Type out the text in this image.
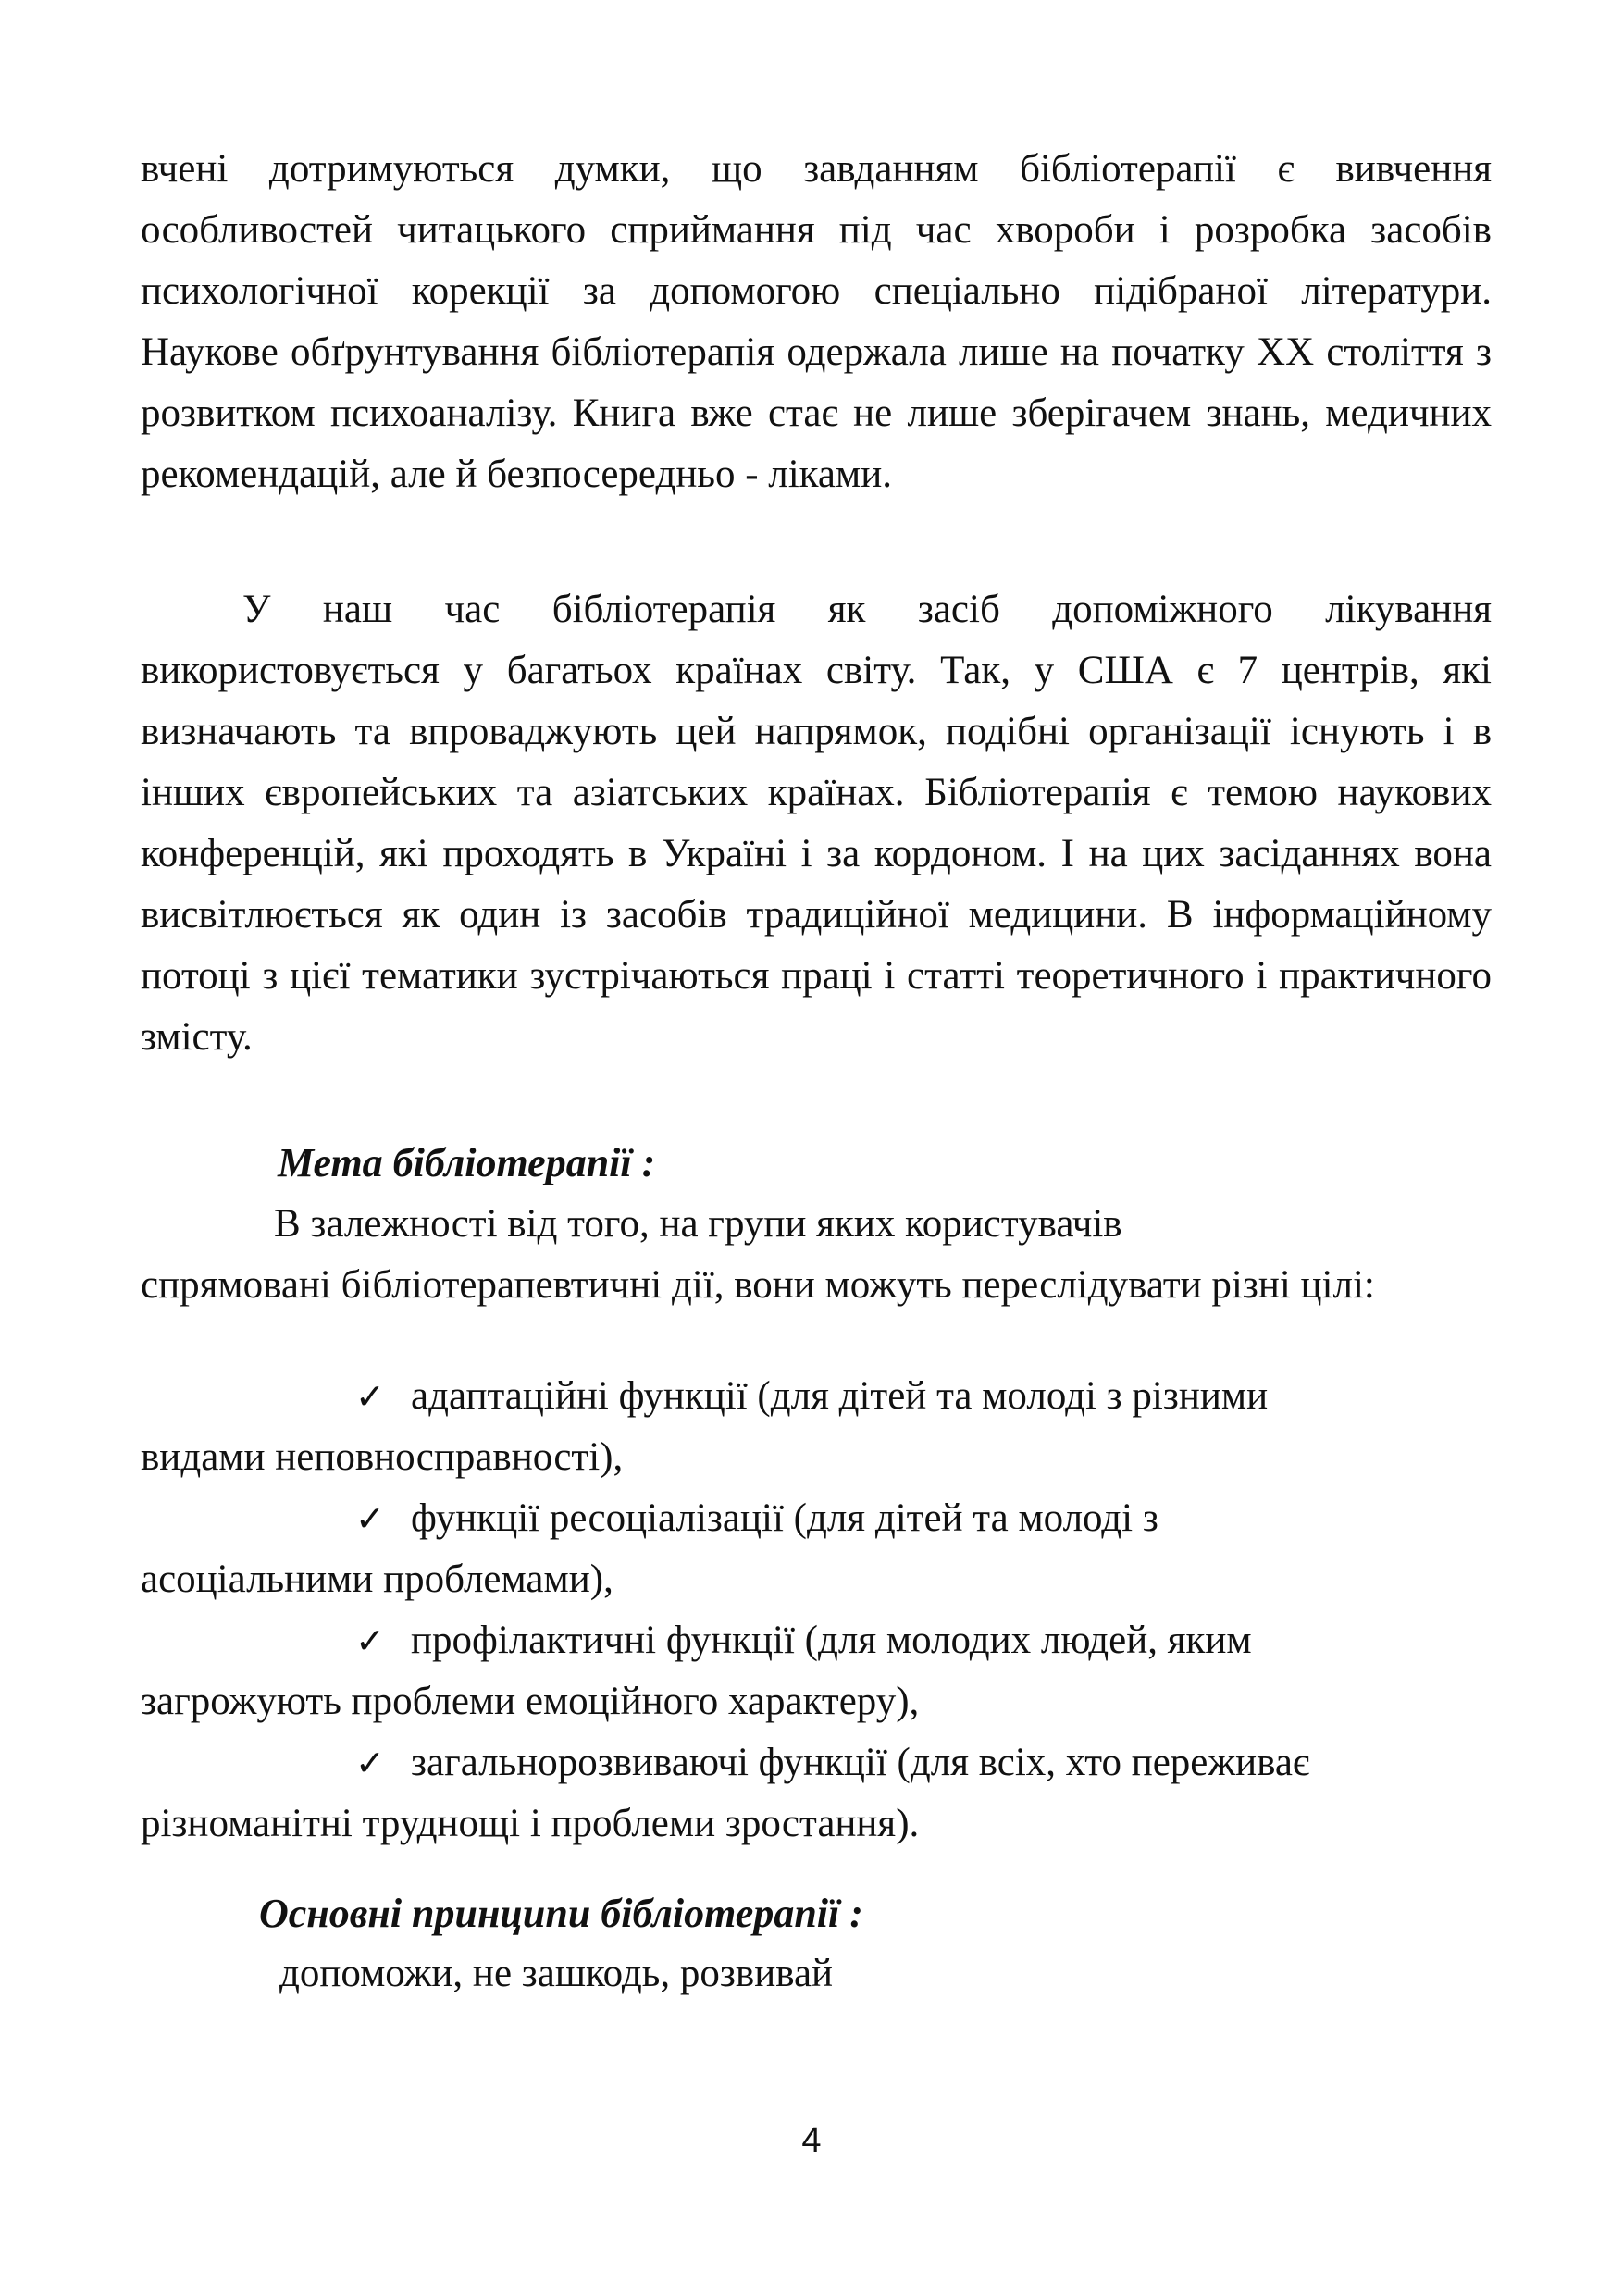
вчені дотримуються думки, що завданням бібліотерапії є вивчення особливостей читацького сприймання під час хвороби і розробка засобів психологічної корекції за допомогою спеціально підібраної літератури. Наукове обґрунтування бібліотерапія одержала лише на початку ХХ століття з розвитком психоаналізу. Книга вже стає не лише зберігачем знань, медичних рекомендацій, але й безпосередньо - ліками.

У наш час бібліотерапія як засіб допоміжного лікування використовується у багатьох країнах світу. Так, у США є 7 центрів, які визначають та впроваджують цей напрямок, подібні організації існують і в інших європейських та азіатських країнах. Бібліотерапія є темою наукових конференцій, які проходять в Україні і за кордоном. І на цих засіданнях вона висвітлюється як один із засобів традиційної медицини. В інформаційному потоці з цієї тематики зустрічаються праці і статті теоретичного і практичного змісту.

Мета бібліотерапії :

В залежності від того, на групи яких користувачів
спрямовані бібліотерапевтичні дії, вони можуть переслідувати різні цілі:

✓ адаптаційні функції (для дітей та молоді з різними
видами неповносправності),

✓ функції ресоціалізації (для дітей та молоді з
асоціальними проблемами),

✓ профілактичні функції (для молодих людей, яким
загрожують проблеми емоційного характеру),

✓ загальнорозвиваючі функції (для всіх, хто переживає
різноманітні труднощі і проблеми зростання).

Основні принципи бібліотерапії :

допоможи, не зашкодь, розвивай

4
